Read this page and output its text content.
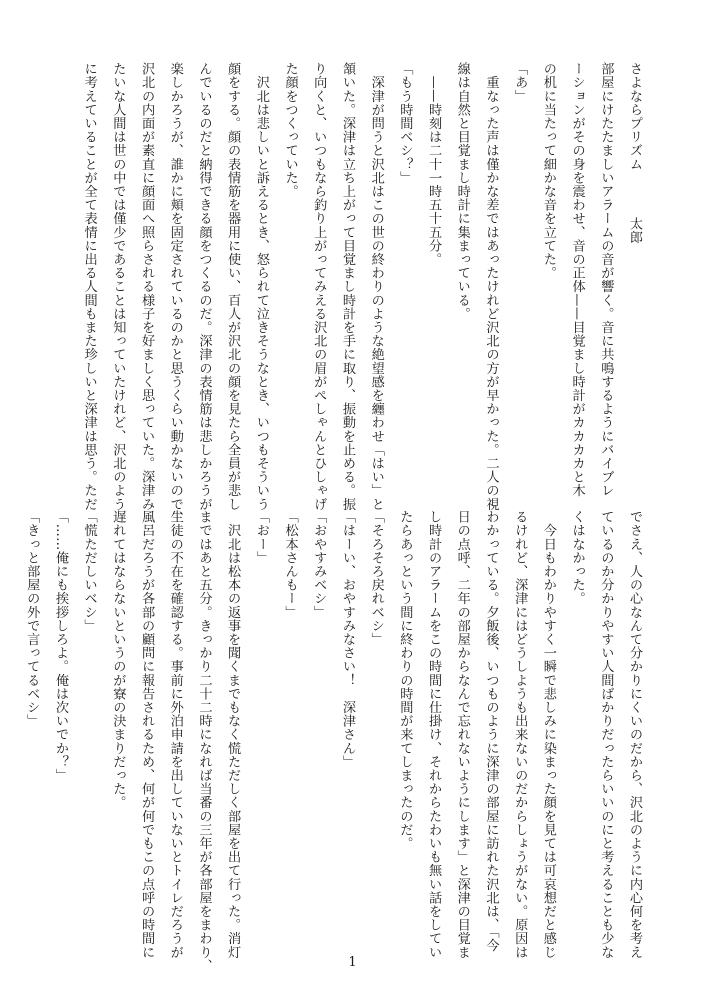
さよならプリズム太郎
部屋にけたたましいアラームの音が響く。音に共鳴するようにバイブレ
ーションがその身を震わせ、音の正体——目覚まし時計がカカカカと木
の机に当たって細かな音を立てた。
「あ」
　重なった声は僅かな差ではあったけれど沢北の方が早かった。二人の視
線は自然と目覚まし時計に集まっている。
　——時刻は二十一時五十五分。
「もう時間ベシ？」
　深津が問うと沢北はこの世の終わりのような絶望感を纏わせ「はい」と
頷いた。深津は立ち上がって目覚まし時計を手に取り、振動を止める。振
り向くと、いつもなら釣り上がってみえる沢北の眉がぺしゃんとひしゃげ
た顔をつくっていた。
　沢北は悲しいと訴えるとき、怒られて泣きそうなとき、いつもそういう
顔をする。顔の表情筋を器用に使い、百人が沢北の顔を見たら全員が悲し
んでいるのだと納得できる顔をつくるのだ。深津の表情筋は悲しかろうが
楽しかろうが、誰かに頬を固定されているのかと思うくらい動かないので、
沢北の内面が素直に顔面へ照らされる様子を好ましく思っていた。深津み
たいな人間は世の中では僅少であることは知っていたけれど、沢北のよう
に考えていることが全て表情に出る人間もまた珍しいと深津は思う。ただ
でさえ、人の心なんて分かりにくいのだから、沢北のように内心何を考え
ているのか分かりやすい人間ばかりだったらいいのにと考えることも少な
くはなかった。
　今日もわかりやすく一瞬で悲しみに染まった顔を見ては可哀想だと感じ
るけれど、深津にはどうしようも出来ないのだからしょうがない。原因は
わかっている。夕飯後、いつものように深津の部屋に訪れた沢北は、「今
日の点呼、二年の部屋からなんで忘れないようにします」と深津の目覚ま
し時計のアラームをこの時間に仕掛け、それからたわいも無い話をしてい
たらあっという間に終わりの時間が来てしまったのだ。
「そろそろ戻れベシ」
「はーい、おやすみなさい！　深津さん」
「おやすみベシ」
「松本さんもー」
「おー」
　沢北は松本の返事を聞くまでもなく慌ただしく部屋を出て行った。消灯
まではあと五分。きっかり二十二時になれば当番の三年が各部屋をまわり、
生徒の不在を確認する。事前に外泊申請を出していないとトイレだろうが
風呂だろうが各部の顧問に報告されるため、何が何でもこの点呼の時間に
遅れてはならないというのが寮の決まりだった。
「慌ただしいベシ」
「……俺にも挨拶しろよ。俺は次いでか？」
「きっと部屋の外で言ってるベシ」
1
